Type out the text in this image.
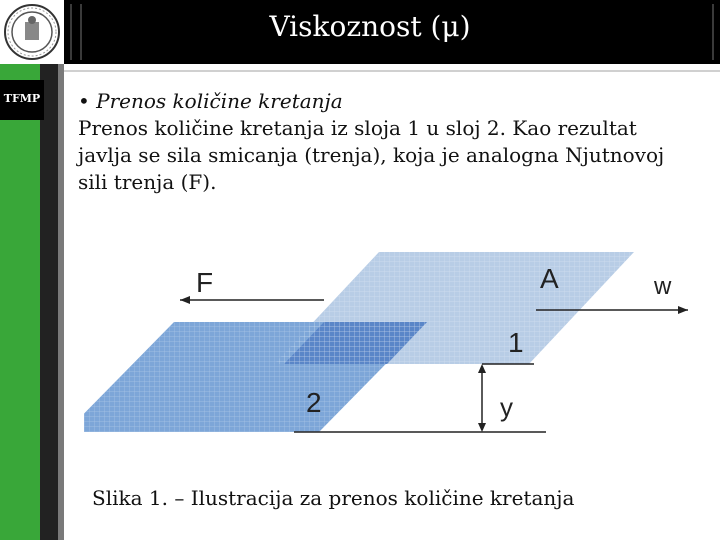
Viskoznost (μ)
TFMP • Prenos količine kretanja
Prenos količine kretanja iz sloja 1 u sloj 2. Kao rezultat
javlja se sila smicanja (trenja), koja je analogna Njutnovoj
sili trenja (F).
F	A	w
1
2	y
Slika 1. – Ilustracija za prenos količine kretanja
